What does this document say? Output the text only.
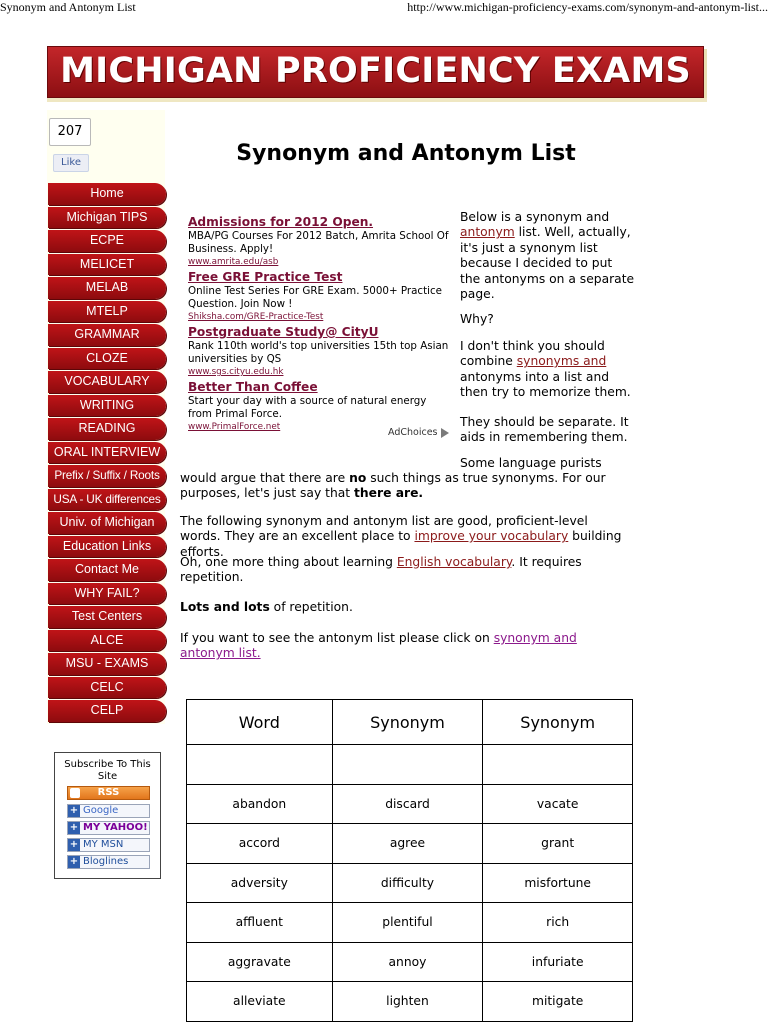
Synonym and Antonym List	http://www.michigan-proficiency-exams.com/synonym-and-antonym-list...
MICHIGAN PROFICIENCY EXAMS
207
Like
Home
Michigan TIPS
ECPE
MELICET
MELAB
MTELP
GRAMMAR
CLOZE
VOCABULARY
WRITING
READING
ORAL INTERVIEW
Prefix / Suffix / Roots
USA - UK differences
Univ. of Michigan
Education Links
Contact Me
WHY FAIL?
Test Centers
ALCE
MSU - EXAMS
CELC
CELP
Subscribe To This Site
RSS
+ Google
+ MY YAHOO!
+ MY MSN
+ Bloglines
Synonym and Antonym List
Admissions for 2012 Open.
MBA/PG Courses For 2012 Batch, Amrita School Of Business. Apply!
www.amrita.edu/asb
Free GRE Practice Test
Online Test Series For GRE Exam. 5000+ Practice Question. Join Now !
Shiksha.com/GRE-Practice-Test
Postgraduate Study@ CityU
Rank 110th world's top universities 15th top Asian universities by QS
www.sgs.cityu.edu.hk
Better Than Coffee
Start your day with a source of natural energy from Primal Force.
www.PrimalForce.net	AdChoices
Below is a synonym and antonym list. Well, actually, it's just a synonym list because I decided to put the antonyms on a separate page.
Why?
I don't think you should combine synonyms and antonyms into a list and then try to memorize them.
They should be separate. It aids in remembering them.
Some language purists
would argue that there are no such things as true synonyms. For our purposes, let's just say that there are.
The following synonym and antonym list are good, proficient-level words. They are an excellent place to improve your vocabulary building efforts.
Oh, one more thing about learning English vocabulary. It requires repetition.
Lots and lots of repetition.
If you want to see the antonym list please click on synonym and antonym list.
Word	Synonym	Synonym

abandon	discard	vacate
accord	agree	grant
adversity	difficulty	misfortune
affluent	plentiful	rich
aggravate	annoy	infuriate
alleviate	lighten	mitigate
